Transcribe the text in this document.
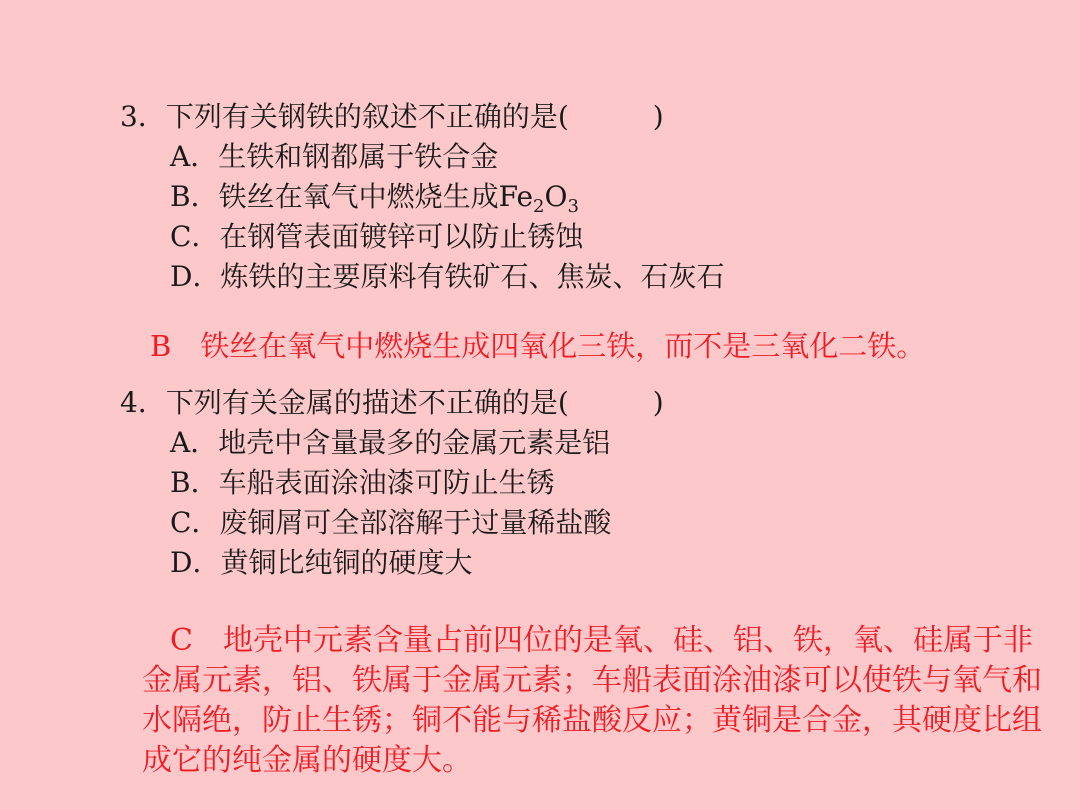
3．下列有关钢铁的叙述不正确的是(　　　)
A．生铁和钢都属于铁合金
B．铁丝在氧气中燃烧生成$Fe_2O_3$
C．在钢管表面镀锌可以防止锈蚀
D．炼铁的主要原料有铁矿石、焦炭、石灰石
B　铁丝在氧气中燃烧生成四氧化三铁，而不是三氧化二铁。
4．下列有关金属的描述不正确的是(　　　)
A．地壳中含量最多的金属元素是铝
B．车船表面涂油漆可防止生锈
C．废铜屑可全部溶解于过量稀盐酸
D．黄铜比纯铜的硬度大
C　地壳中元素含量占前四位的是氧、硅、铝、铁，氧、硅属于非金属元素，铝、铁属于金属元素；车船表面涂油漆可以使铁与氧气和水隔绝，防止生锈；铜不能与稀盐酸反应；黄铜是合金，其硬度比组成它的纯金属的硬度大。
